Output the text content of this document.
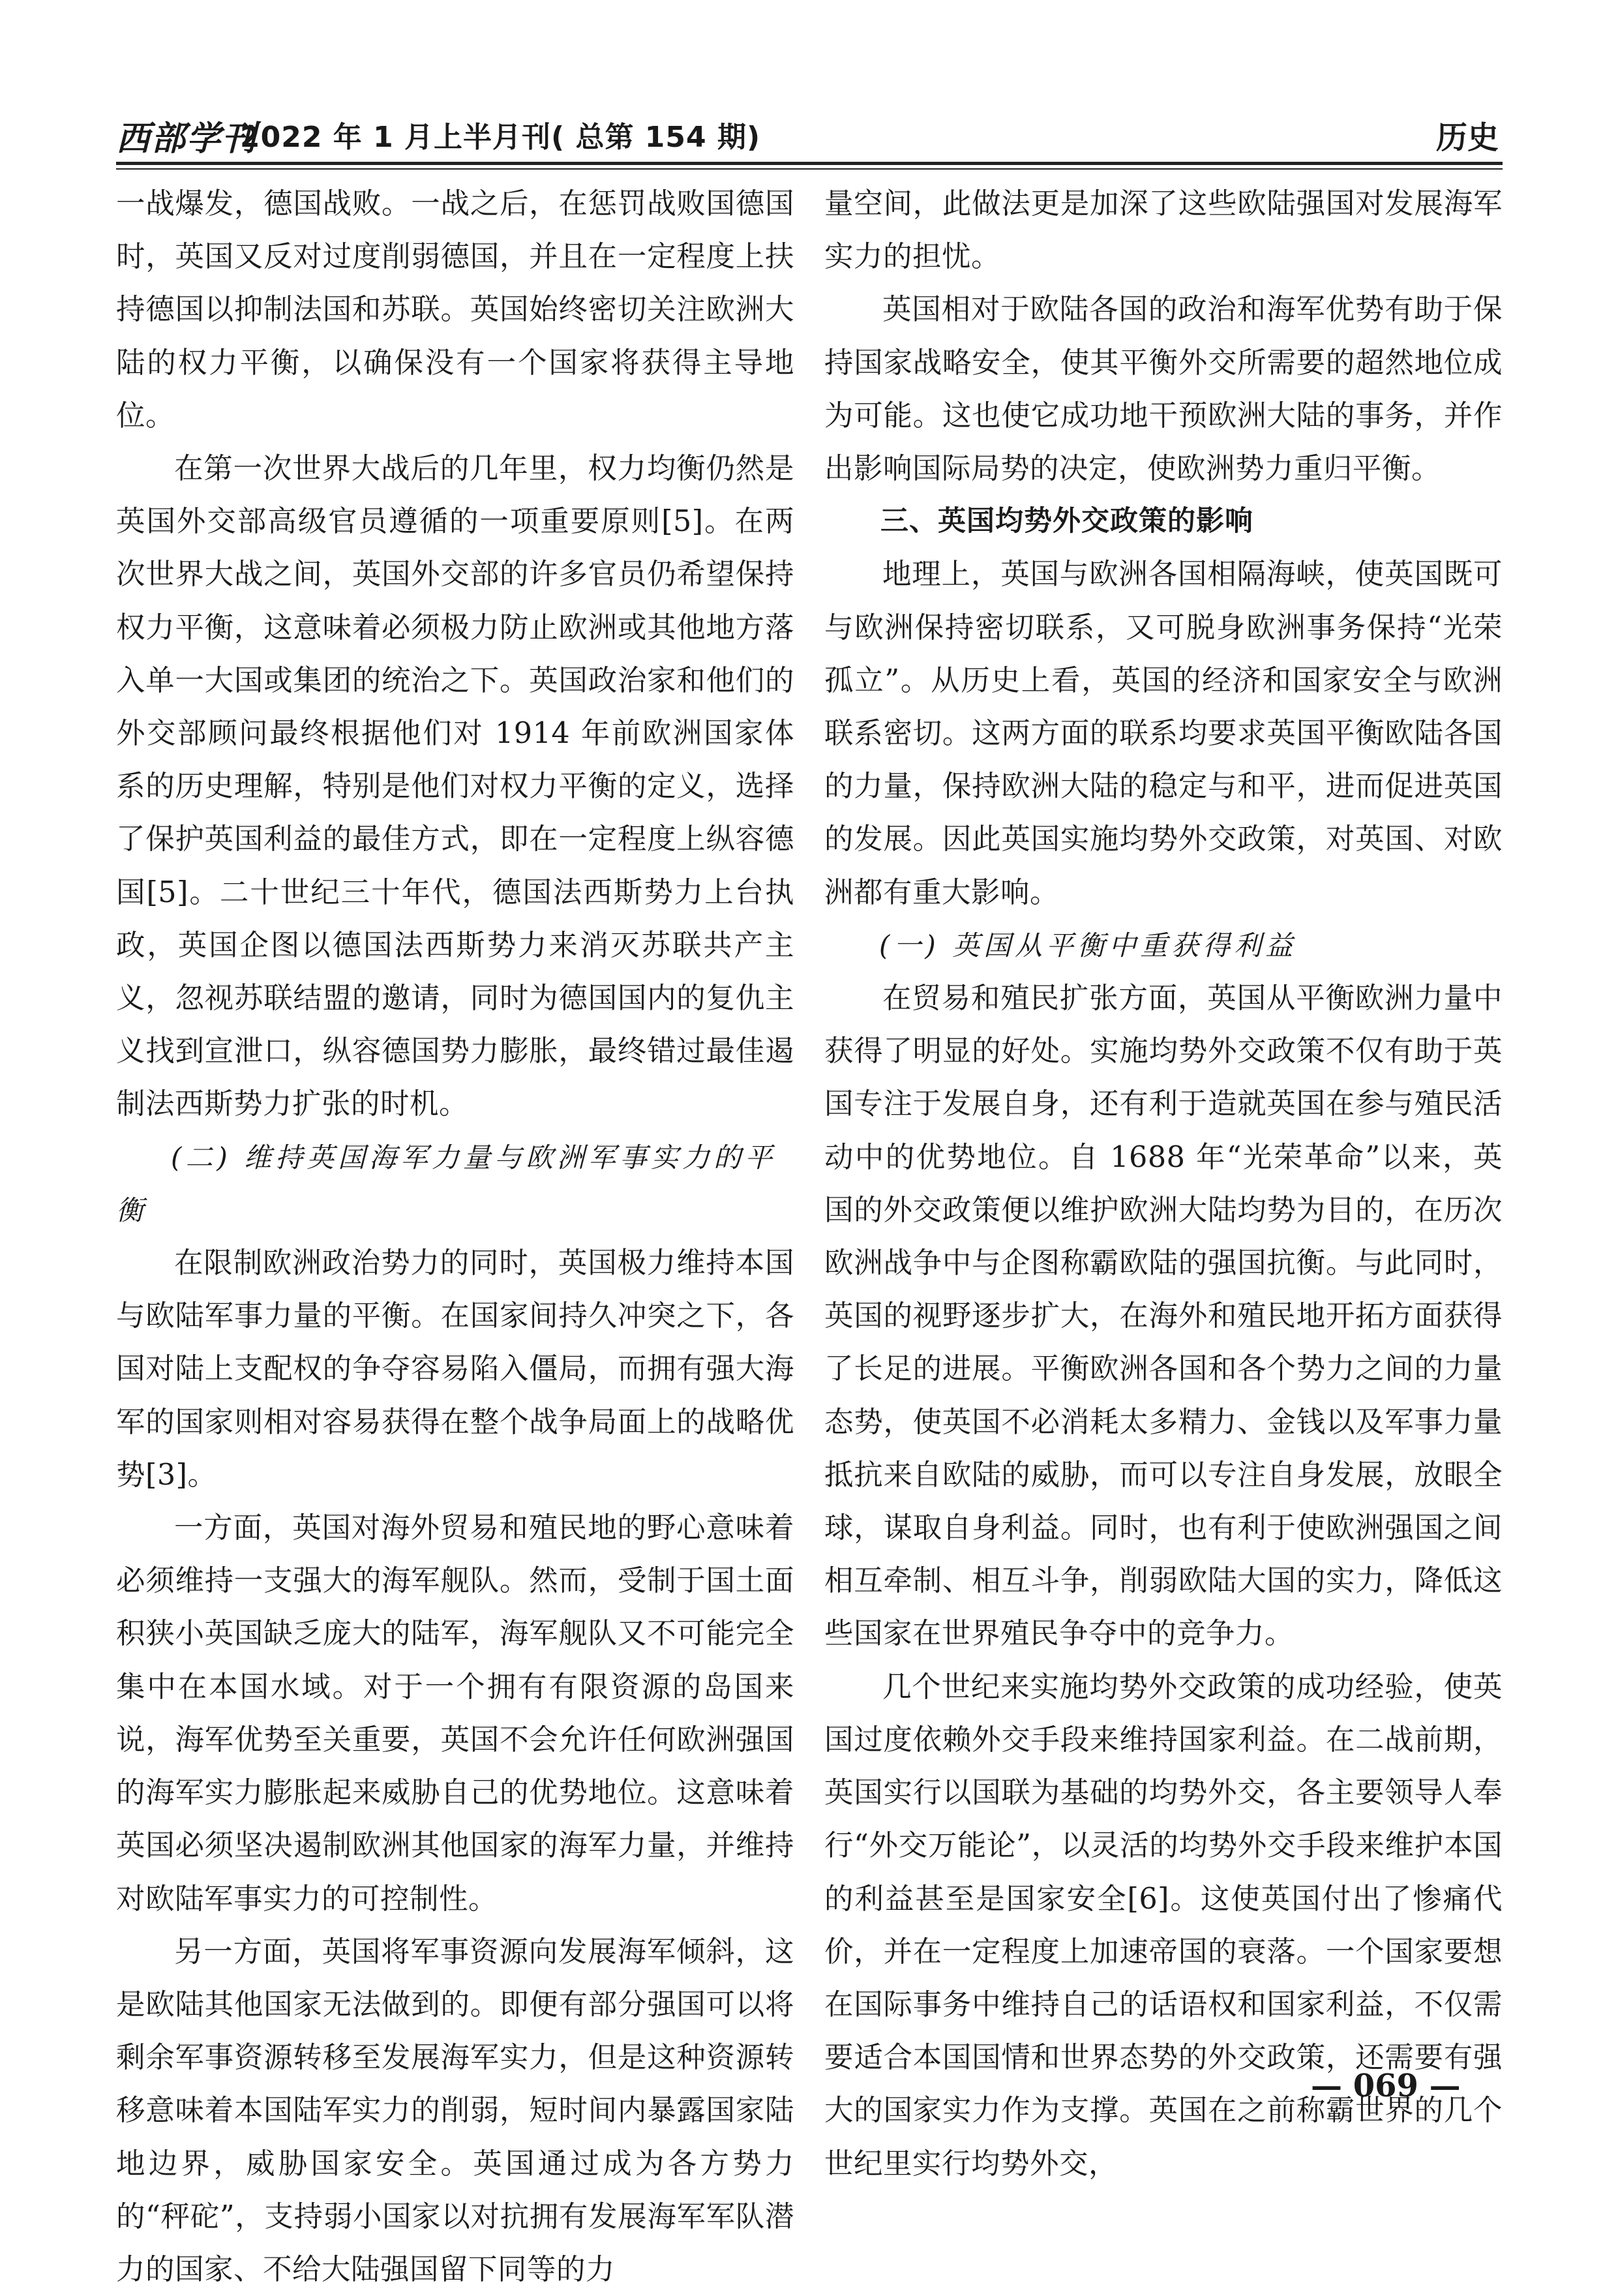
西部学刊
2022 年 1 月上半月刊( 总第 154 期)	历史

一战爆发，德国战败。一战之后，在惩罚战败国德国时，英国又反对过度削弱德国，并且在一定程度上扶持德国以抑制法国和苏联。英国始终密切关注欧洲大陆的权力平衡，以确保没有一个国家将获得主导地位。

在第一次世界大战后的几年里，权力均衡仍然是英国外交部高级官员遵循的一项重要原则[5]。在两次世界大战之间，英国外交部的许多官员仍希望保持权力平衡，这意味着必须极力防止欧洲或其他地方落入单一大国或集团的统治之下。英国政治家和他们的外交部顾问最终根据他们对 1914 年前欧洲国家体系的历史理解，特别是他们对权力平衡的定义，选择了保护英国利益的最佳方式，即在一定程度上纵容德国[5]。二十世纪三十年代，德国法西斯势力上台执政，英国企图以德国法西斯势力来消灭苏联共产主义，忽视苏联结盟的邀请，同时为德国国内的复仇主义找到宣泄口，纵容德国势力膨胀，最终错过最佳遏制法西斯势力扩张的时机。

(二) 维持英国海军力量与欧洲军事实力的平衡

在限制欧洲政治势力的同时，英国极力维持本国与欧陆军事力量的平衡。在国家间持久冲突之下，各国对陆上支配权的争夺容易陷入僵局，而拥有强大海军的国家则相对容易获得在整个战争局面上的战略优势[3]。

一方面，英国对海外贸易和殖民地的野心意味着必须维持一支强大的海军舰队。然而，受制于国土面积狭小英国缺乏庞大的陆军，海军舰队又不可能完全集中在本国水域。对于一个拥有有限资源的岛国来说，海军优势至关重要，英国不会允许任何欧洲强国的海军实力膨胀起来威胁自己的优势地位。这意味着英国必须坚决遏制欧洲其他国家的海军力量，并维持对欧陆军事实力的可控制性。

另一方面，英国将军事资源向发展海军倾斜，这是欧陆其他国家无法做到的。即便有部分强国可以将剩余军事资源转移至发展海军实力，但是这种资源转移意味着本国陆军实力的削弱，短时间内暴露国家陆地边界，威胁国家安全。英国通过成为各方势力的“秤砣”，支持弱小国家以对抗拥有发展海军军队潜力的国家、不给大陆强国留下同等的力

量空间，此做法更是加深了这些欧陆强国对发展海军实力的担忧。

英国相对于欧陆各国的政治和海军优势有助于保持国家战略安全，使其平衡外交所需要的超然地位成为可能。这也使它成功地干预欧洲大陆的事务，并作出影响国际局势的决定，使欧洲势力重归平衡。

三、英国均势外交政策的影响

地理上，英国与欧洲各国相隔海峡，使英国既可与欧洲保持密切联系，又可脱身欧洲事务保持“光荣孤立”。从历史上看，英国的经济和国家安全与欧洲联系密切。这两方面的联系均要求英国平衡欧陆各国的力量，保持欧洲大陆的稳定与和平，进而促进英国的发展。因此英国实施均势外交政策，对英国、对欧洲都有重大影响。

(一) 英国从平衡中重获得利益

在贸易和殖民扩张方面，英国从平衡欧洲力量中获得了明显的好处。实施均势外交政策不仅有助于英国专注于发展自身，还有利于造就英国在参与殖民活动中的优势地位。自 1688 年“光荣革命”以来，英国的外交政策便以维护欧洲大陆均势为目的，在历次欧洲战争中与企图称霸欧陆的强国抗衡。与此同时，英国的视野逐步扩大，在海外和殖民地开拓方面获得了长足的进展。平衡欧洲各国和各个势力之间的力量态势，使英国不必消耗太多精力、金钱以及军事力量抵抗来自欧陆的威胁，而可以专注自身发展，放眼全球，谋取自身利益。同时，也有利于使欧洲强国之间相互牵制、相互斗争，削弱欧陆大国的实力，降低这些国家在世界殖民争夺中的竞争力。

几个世纪来实施均势外交政策的成功经验，使英国过度依赖外交手段来维持国家利益。在二战前期，英国实行以国联为基础的均势外交，各主要领导人奉行“外交万能论”，以灵活的均势外交手段来维护本国的利益甚至是国家安全[6]。这使英国付出了惨痛代价，并在一定程度上加速帝国的衰落。一个国家要想在国际事务中维持自己的话语权和国家利益，不仅需要适合本国国情和世界态势的外交政策，还需要有强大的国家实力作为支撑。英国在之前称霸世界的几个世纪里实行均势外交，

— 069 —
